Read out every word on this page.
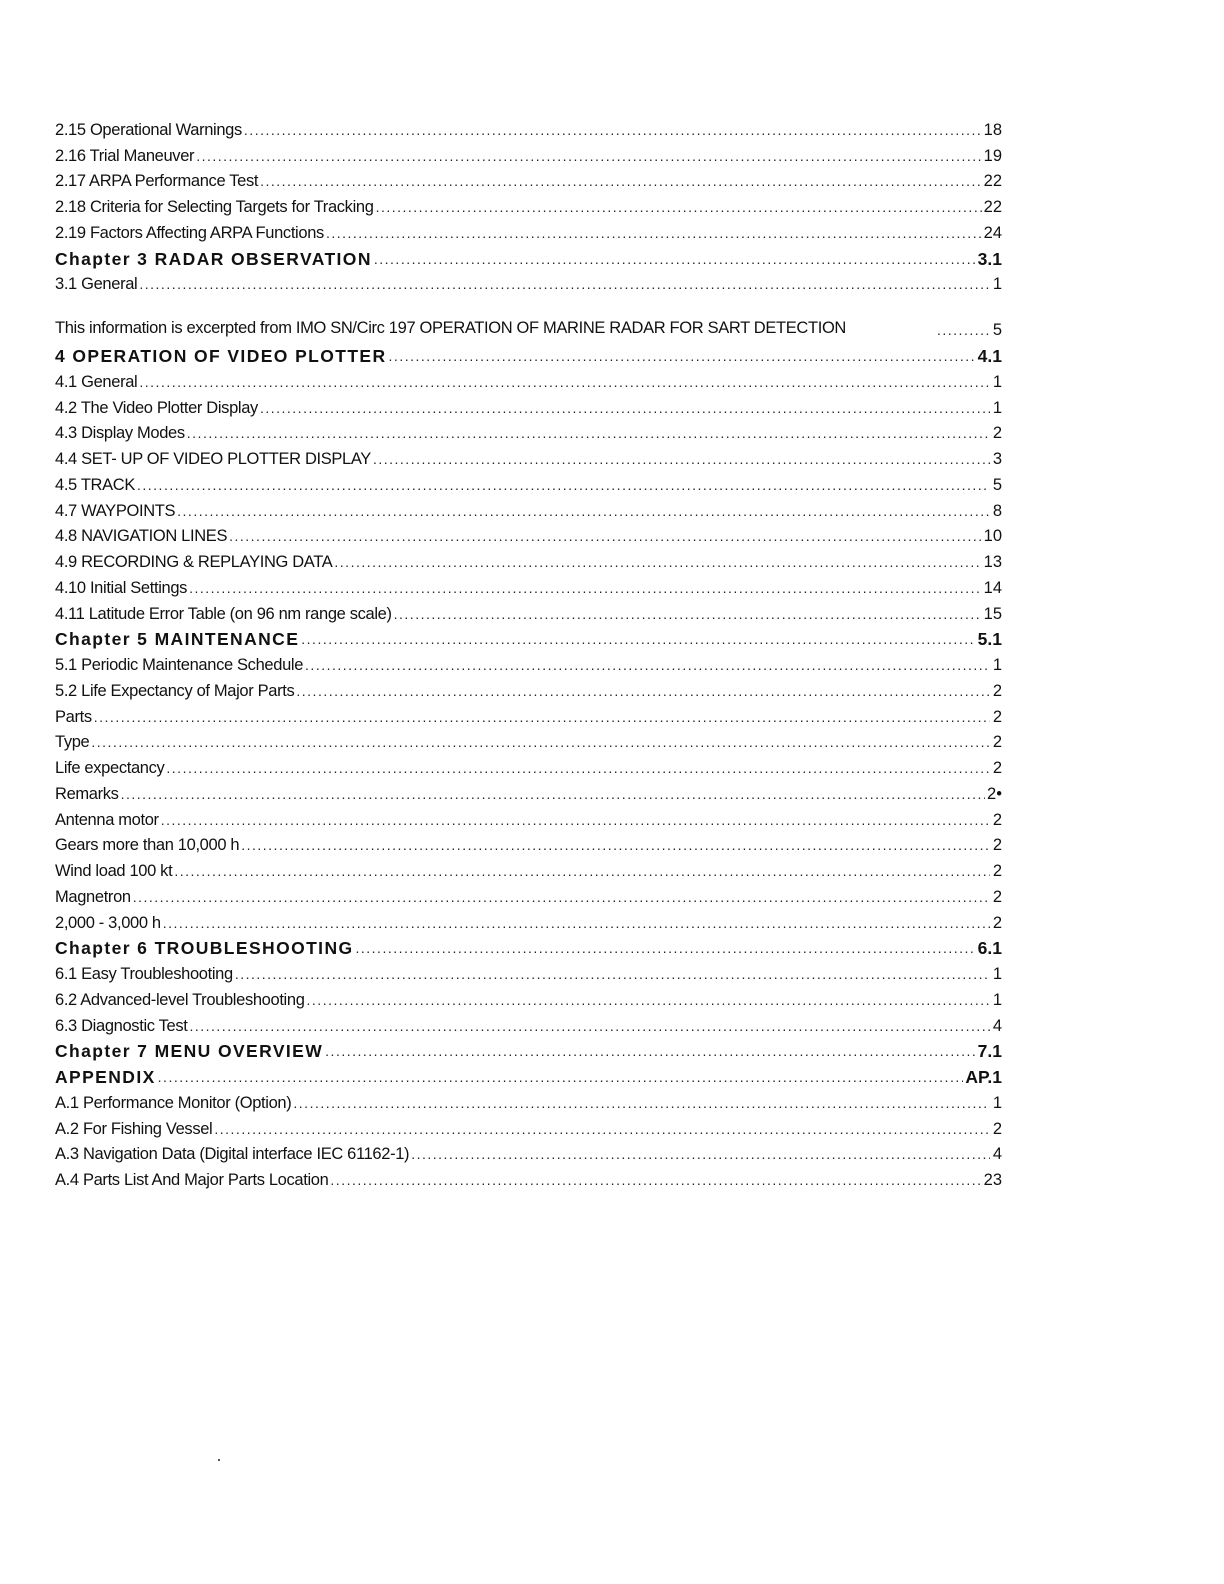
2.15 Operational Warnings .....	18
2.16 Trial Maneuver .....	19
2.17 ARPA Performance Test .....	22
2.18 Criteria for Selecting Targets for Tracking .....	22
2.19 Factors Affecting ARPA Functions .....	24
Chapter 3 RADAR OBSERVATION .....	3.1
3.1 General .....	1
This information is excerpted from IMO SN/Circ 197 OPERATION OF MARINE RADAR FOR SART DETECTION .....	5
4 OPERATION OF VIDEO PLOTTER .....	4.1
4.1 General .....	1
4.2 The Video Plotter Display .....	1
4.3 Display Modes .....	2
4.4 SET- UP OF VIDEO PLOTTER DISPLAY .....	3
4.5 TRACK .....	5
4.7 WAYPOINTS .....	8
4.8 NAVIGATION LINES .....	10
4.9 RECORDING & REPLAYING DATA .....	13
4.10 Initial Settings .....	14
4.11 Latitude Error Table (on 96 nm range scale) .....	15
Chapter 5 MAINTENANCE .....	5.1
5.1 Periodic Maintenance Schedule .....	1
5.2 Life Expectancy of Major Parts .....	2
Parts .....	2
Type .....	2
Life expectancy .....	2
Remarks .....	2•
Antenna motor .....	2
Gears more than 10,000 h .....	2
Wind load 100 kt .....	2
Magnetron .....	2
2,000 - 3,000 h .....	2
Chapter 6 TROUBLESHOOTING .....	6.1
6.1 Easy Troubleshooting .....	1
6.2 Advanced-level Troubleshooting .....	1
6.3 Diagnostic Test .....	4
Chapter 7 MENU OVERVIEW .....	7.1
APPENDIX .....	AP.1
A.1 Performance Monitor (Option) .....	1
A.2 For Fishing Vessel .....	2
A.3 Navigation Data (Digital interface IEC 61162-1) .....	4
A.4 Parts List And Major Parts Location .....	23
